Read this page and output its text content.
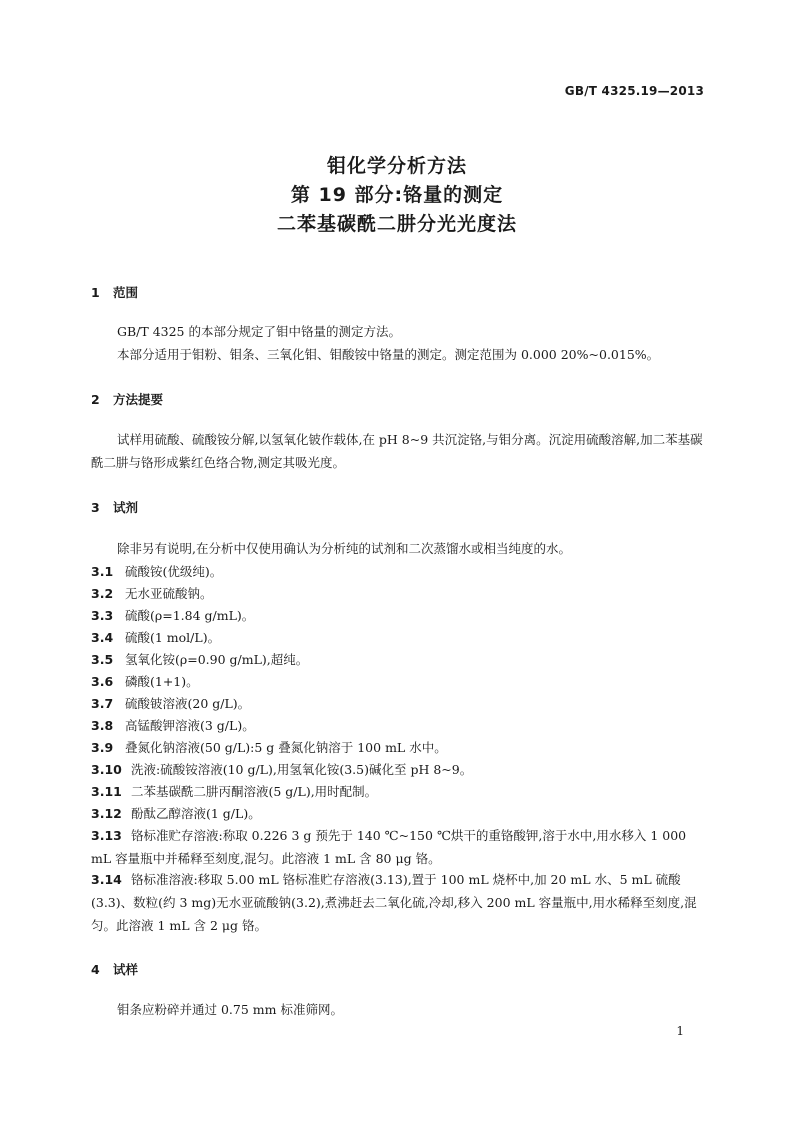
GB/T 4325.19—2013
钼化学分析方法
第 19 部分:铬量的测定
二苯基碳酰二肼分光光度法
1 范围
GB/T 4325 的本部分规定了钼中铬量的测定方法。
本部分适用于钼粉、钼条、三氧化钼、钼酸铵中铬量的测定。测定范围为 0.000 20%~0.015%。
2 方法提要
试样用硫酸、硫酸铵分解,以氢氧化铍作载体,在 pH 8~9 共沉淀铬,与钼分离。沉淀用硫酸溶解,加二苯基碳酰二肼与铬形成紫红色络合物,测定其吸光度。
3 试剂
除非另有说明,在分析中仅使用确认为分析纯的试剂和二次蒸馏水或相当纯度的水。
3.1 硫酸铵(优级纯)。
3.2 无水亚硫酸钠。
3.3 硫酸(ρ=1.84 g/mL)。
3.4 硫酸(1 mol/L)。
3.5 氢氧化铵(ρ=0.90 g/mL),超纯。
3.6 磷酸(1+1)。
3.7 硫酸铍溶液(20 g/L)。
3.8 高锰酸钾溶液(3 g/L)。
3.9 叠氮化钠溶液(50 g/L):5 g 叠氮化钠溶于 100 mL 水中。
3.10 洗液:硫酸铵溶液(10 g/L),用氢氧化铵(3.5)碱化至 pH 8~9。
3.11 二苯基碳酰二肼丙酮溶液(5 g/L),用时配制。
3.12 酚酞乙醇溶液(1 g/L)。
3.13 铬标准贮存溶液:称取 0.226 3 g 预先于 140 ℃~150 ℃烘干的重铬酸钾,溶于水中,用水移入 1 000 mL 容量瓶中并稀释至刻度,混匀。此溶液 1 mL 含 80 μg 铬。
3.14 铬标准溶液:移取 5.00 mL 铬标准贮存溶液(3.13),置于 100 mL 烧杯中,加 20 mL 水、5 mL 硫酸(3.3)、数粒(约 3 mg)无水亚硫酸钠(3.2),煮沸赶去二氧化硫,冷却,移入 200 mL 容量瓶中,用水稀释至刻度,混匀。此溶液 1 mL 含 2 μg 铬。
4 试样
钼条应粉碎并通过 0.75 mm 标准筛网。
1
